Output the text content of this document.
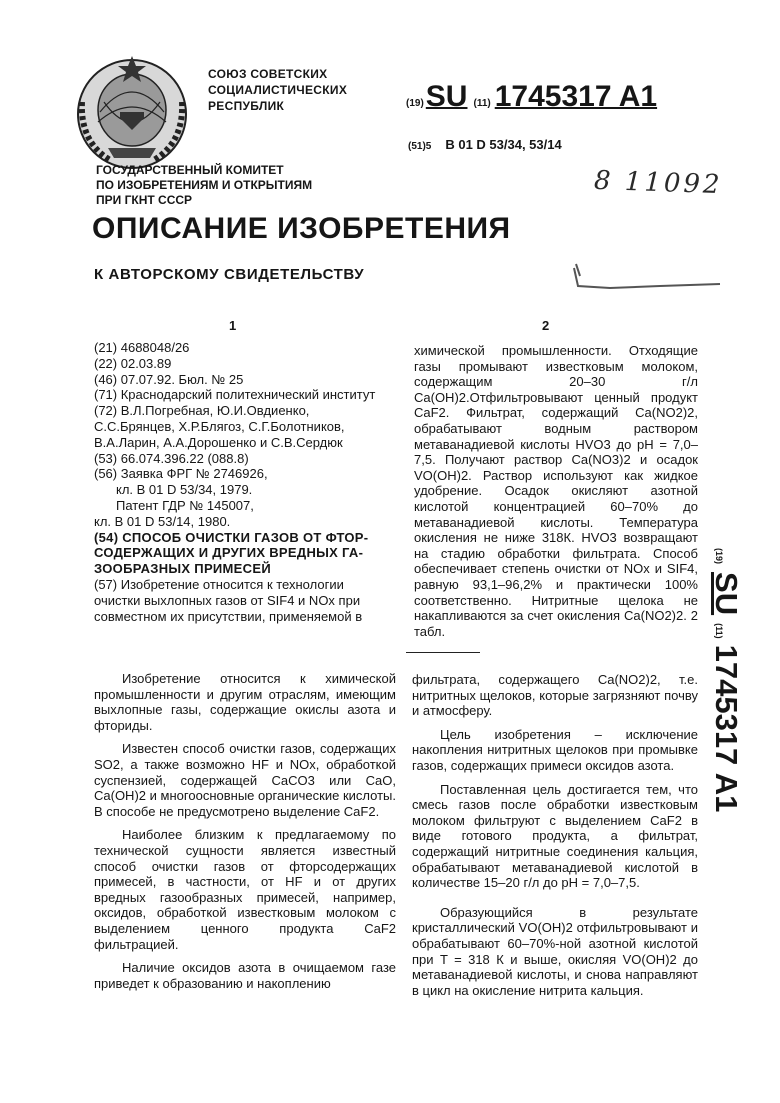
СОЮЗ СОВЕТСКИХ
СОЦИАЛИСТИЧЕСКИХ
РЕСПУБЛИК	(19)SU (11) 1745317 A1
(51)5 B 01 D 53/34, 53/14
8 11092
ГОСУДАРСТВЕННЫЙ КОМИТЕТ
ПО ИЗОБРЕТЕНИЯМ И ОТКРЫТИЯМ
ПРИ ГКНТ СССР
ОПИСАНИЕ ИЗОБРЕТЕНИЯ
К АВТОРСКОМУ СВИДЕТЕЛЬСТВУ
1	2
(21) 4688048/26
(22) 02.03.89
(46) 07.07.92. Бюл. № 25
(71) Краснодарский политехнический институт
(72) В.Л.Погребная, Ю.И.Овдиенко,
С.С.Брянцев, Х.Р.Блягоз, С.Г.Болотников,
В.А.Ларин, А.А.Дорошенко и С.В.Сердюк
(53) 66.074.396.22 (088.8)
(56) Заявка ФРГ № 2746926,
кл. B 01 D 53/34, 1979.
Патент ГДР № 145007,
кл. B 01 D 53/14, 1980.
(54) СПОСОБ ОЧИСТКИ ГАЗОВ ОТ ФТОР-
СОДЕРЖАЩИХ И ДРУГИХ ВРЕДНЫХ ГА-
ЗООБРАЗНЫХ ПРИМЕСЕЙ
(57) Изобретение относится к технологии
очистки выхлопных газов от SIF4 и NOx при
совместном их присутствии, применяемой в
химической промышленности. Отходящие газы промывают известковым молоком, содержащим 20–30 г/л Ca(OH)2.Отфильтровывают ценный продукт CaF2. Фильтрат, содержащий Ca(NO2)2, обрабатывают водным раствором метаванадиевой кислоты HVO3 до pH = 7,0–7,5. Получают раствор Ca(NO3)2 и осадок VO(OH)2. Раствор используют как жидкое удобрение. Осадок окисляют азотной кислотой концентрацией 60–70% до метаванадиевой кислоты. Температура окисления не ниже 318К. HVO3 возвращают на стадию обработки фильтрата. Способ обеспечивает степень очистки от NOx и SIF4, равную 93,1–96,2% и практически 100% соответственно. Нитритные щелока не накапливаются за счет окисления Ca(NO2)2. 2 табл.

Изобретение относится к химической промышленности и другим отраслям, имеющим выхлопные газы, содержащие окислы азота и фториды.

Известен способ очистки газов, содержащих SO2, а также возможно HF и NOx, обработкой суспензией, содержащей CaCO3 или CaO, Ca(OH)2 и многоосновные органические кислоты. В способе не предусмотрено выделение CaF2.

Наиболее близким к предлагаемому по технической сущности является известный способ очистки газов от фторсодержащих примесей, в частности, от HF и от других вредных газообразных примесей, например, оксидов, обработкой известковым молоком с выделением ценного продукта CaF2 фильтрацией.

Наличие оксидов азота в очищаемом газе приведет к образованию и накоплению

фильтрата, содержащего Ca(NO2)2, т.е. нитритных щелоков, которые загрязняют почву и атмосферу.

Цель изобретения – исключение накопления нитритных щелоков при промывке газов, содержащих примеси оксидов азота.

Поставленная цель достигается тем, что смесь газов после обработки известковым молоком фильтруют с выделением CaF2 в виде готового продукта, а фильтрат, содержащий нитритные соединения кальция, обрабатывают метаванадиевой кислотой в количестве 15–20 г/л до pH = 7,0–7,5.

Образующийся в результате кристаллический VO(OH)2 отфильтровывают и обрабатывают 60–70%-ной азотной кислотой при T = 318 К и выше, окисляя VO(OH)2 до метаванадиевой кислоты, и снова направляют в цикл на окисление нитрита кальция.

(19)SU(11)1745317 A1
